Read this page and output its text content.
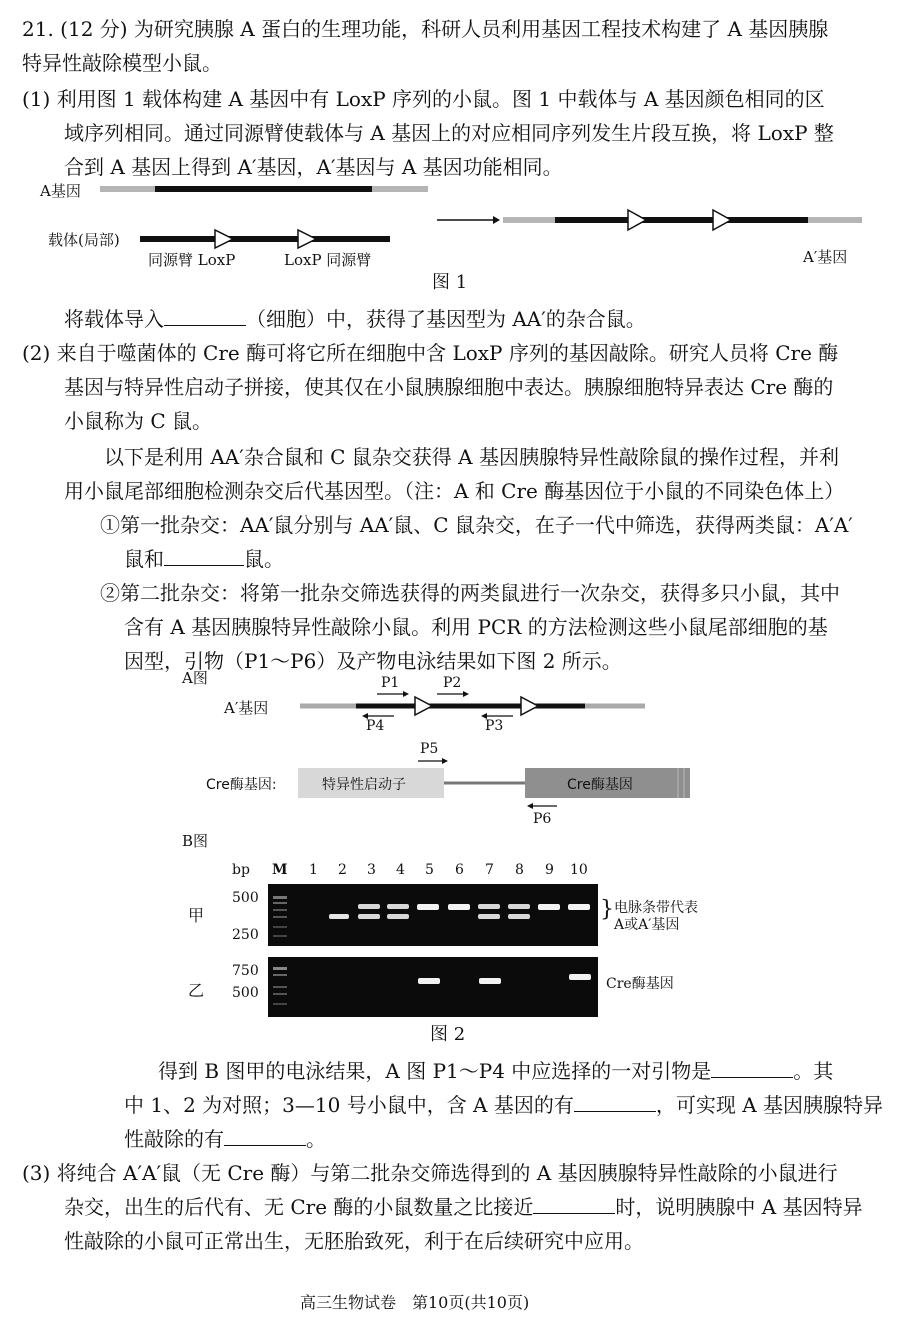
21. (12 分) 为研究胰腺 A 蛋白的生理功能，科研人员利用基因工程技术构建了 A 基因胰腺
特异性敲除模型小鼠。
(1) 利用图 1 载体构建 A 基因中有 LoxP 序列的小鼠。图 1 中载体与 A 基因颜色相同的区
域序列相同。通过同源臂使载体与 A 基因上的对应相同序列发生片段互换，将 LoxP 整
合到 A 基因上得到 A′基因，A′基因与 A 基因功能相同。
A基因
载体(局部)
同源臂 LoxP	LoxP 同源臂	A′基因
图 1
将载体导入	（细胞）中，获得了基因型为 AA′的杂合鼠。
(2) 来自于噬菌体的 Cre 酶可将它所在细胞中含 LoxP 序列的基因敲除。研究人员将 Cre 酶
基因与特异性启动子拼接，使其仅在小鼠胰腺细胞中表达。胰腺细胞特异表达 Cre 酶的
小鼠称为 C 鼠。
以下是利用 AA′杂合鼠和 C 鼠杂交获得 A 基因胰腺特异性敲除鼠的操作过程，并利
用小鼠尾部细胞检测杂交后代基因型。（注：A 和 Cre 酶基因位于小鼠的不同染色体上）
①第一批杂交：AA′鼠分别与 AA′鼠、C 鼠杂交，在子一代中筛选，获得两类鼠：A′A′
鼠和	鼠。
②第二批杂交：将第一批杂交筛选获得的两类鼠进行一次杂交，获得多只小鼠，其中
含有 A 基因胰腺特异性敲除小鼠。利用 PCR 的方法检测这些小鼠尾部细胞的基
因型，引物（P1～P6）及产物电泳结果如下图 2 所示。
A图
A′基因
P1	P2
P3
P4
P5
P6
Cre酶基因:	特异性启动子	Cre酶基因
B图
bp M 1 2 3 4 5 6 7 8 9 10
甲
500
250
} 电脉条带代表
A或A′基因
乙
750
500
Cre酶基因
图 2
得到 B 图甲的电泳结果，A 图 P1～P4 中应选择的一对引物是	。其
中 1、2 为对照；3—10 号小鼠中，含 A 基因的有	，可实现 A 基因胰腺特异
性敲除的有	。
(3) 将纯合 A′A′鼠（无 Cre 酶）与第二批杂交筛选得到的 A 基因胰腺特异性敲除的小鼠进行
杂交，出生的后代有、无 Cre 酶的小鼠数量之比接近	时，说明胰腺中 A 基因特异
性敲除的小鼠可正常出生，无胚胎致死，利于在后续研究中应用。
高三生物试卷　第10页(共10页)
